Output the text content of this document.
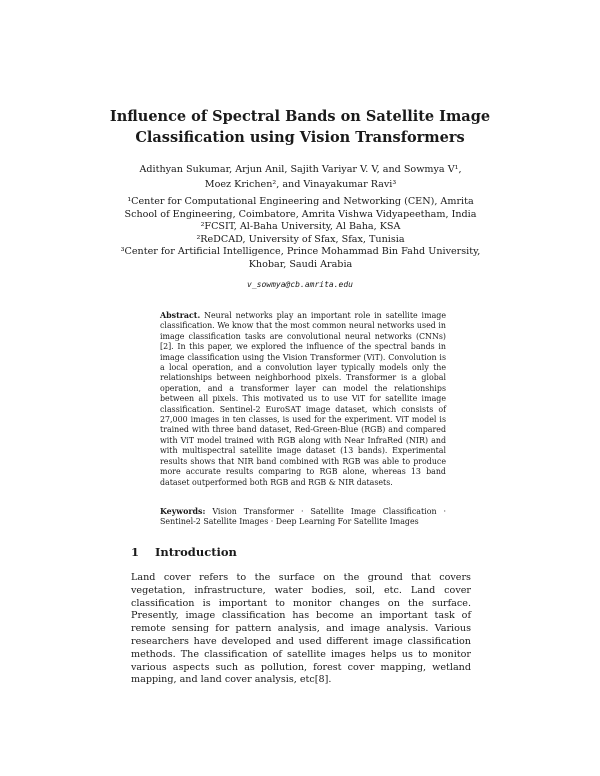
Influence of Spectral Bands on Satellite Image Classification using Vision Transformers
Adithyan Sukumar, Arjun Anil, Sajith Variyar V. V, and Sowmya V¹, Moez Krichen², and Vinayakumar Ravi³
¹Center for Computational Engineering and Networking (CEN), Amrita School of Engineering, Coimbatore, Amrita Vishwa Vidyapeetham, India
²FCSIT, Al-Baha University, Al Baha, KSA
²ReDCAD, University of Sfax, Sfax, Tunisia
³Center for Artificial Intelligence, Prince Mohammad Bin Fahd University, Khobar, Saudi Arabia
v_sowmya@cb.amrita.edu
Abstract. Neural networks play an important role in satellite image classification. We know that the most common neural networks used in image classification tasks are convolutional neural networks (CNNs) [2]. In this paper, we explored the influence of the spectral bands in image classification using the Vision Transformer (ViT). Convolution is a local operation, and a convolution layer typically models only the relationships between neighborhood pixels. Transformer is a global operation, and a transformer layer can model the relationships between all pixels. This motivated us to use ViT for satellite image classification. Sentinel-2 EuroSAT image dataset, which consists of 27,000 images in ten classes, is used for the experiment. ViT model is trained with three band dataset, Red-Green-Blue (RGB) and compared with ViT model trained with RGB along with Near InfraRed (NIR) and with multispectral satellite image dataset (13 bands). Experimental results shows that NIR band combined with RGB was able to produce more accurate results comparing to RGB alone, whereas 13 band dataset outperformed both RGB and RGB & NIR datasets.
Keywords: Vision Transformer · Satellite Image Classification · Sentinel-2 Satellite Images · Deep Learning For Satellite Images
1 Introduction
Land cover refers to the surface on the ground that covers vegetation, infrastructure, water bodies, soil, etc. Land cover classification is important to monitor changes on the surface. Presently, image classification has become an important task of remote sensing for pattern analysis, and image analysis. Various researchers have developed and used different image classification methods. The classification of satellite images helps us to monitor various aspects such as pollution, forest cover mapping, wetland mapping, and land cover analysis, etc[8].
